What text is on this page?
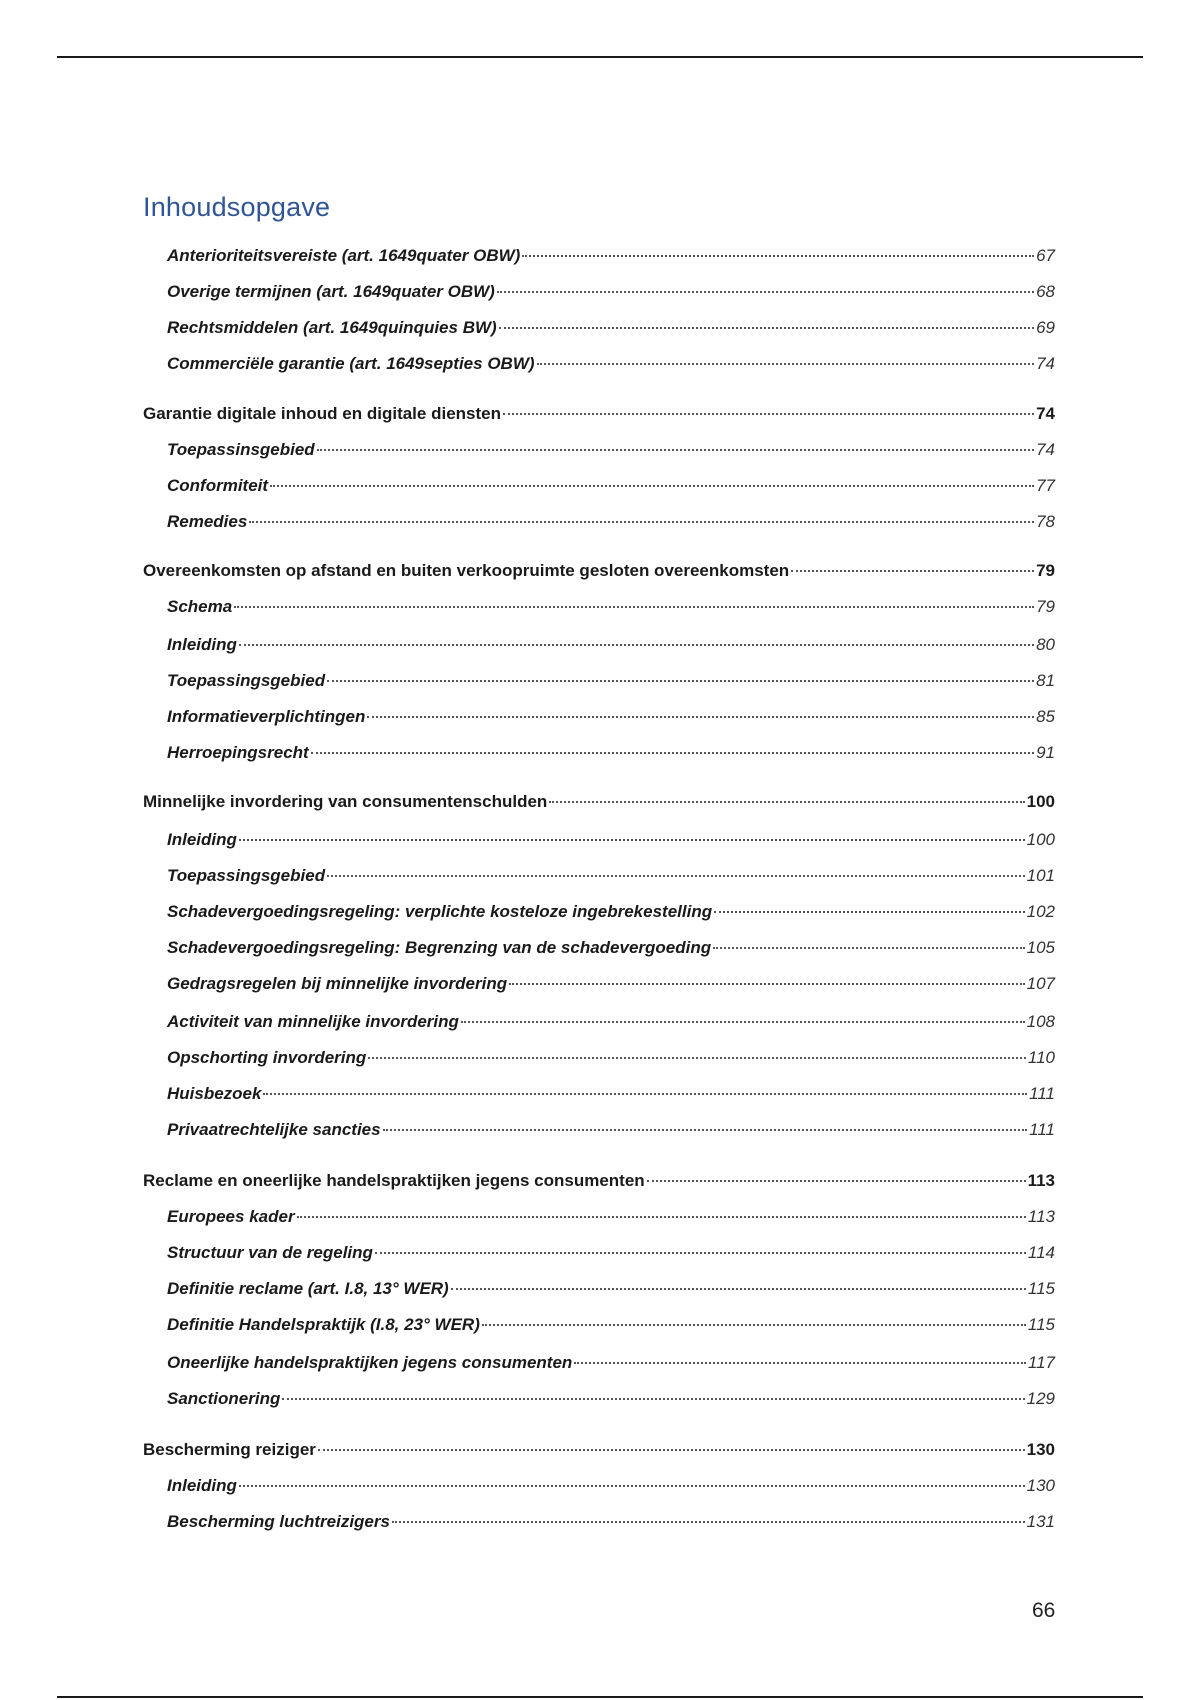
Inhoudsopgave
Anterioriteitsvereiste (art. 1649quater OBW)	67
Overige termijnen (art. 1649quater OBW)	68
Rechtsmiddelen (art. 1649quinquies BW)	69
Commerciële garantie (art. 1649septies OBW)	74
Garantie digitale inhoud en digitale diensten	74
Toepassinsgebied	74
Conformiteit	77
Remedies	78
Overeenkomsten op afstand en buiten verkoopruimte gesloten overeenkomsten	79
Schema	79
Inleiding	80
Toepassingsgebied	81
Informatieverplichtingen	85
Herroepingsrecht	91
Minnelijke invordering van consumentenschulden	100
Inleiding	100
Toepassingsgebied	101
Schadevergoedingsregeling: verplichte kosteloze ingebrekestelling	102
Schadevergoedingsregeling: Begrenzing van de schadevergoeding	105
Gedragsregelen bij minnelijke invordering	107
Activiteit van minnelijke invordering	108
Opschorting invordering	110
Huisbezoek	111
Privaatrechtelijke sancties	111
Reclame en oneerlijke handelspraktijken jegens consumenten	113
Europees kader	113
Structuur van de regeling	114
Definitie reclame (art. I.8, 13° WER)	115
Definitie Handelspraktijk (I.8, 23° WER)	115
Oneerlijke handelspraktijken jegens consumenten	117
Sanctionering	129
Bescherming reiziger	130
Inleiding	130
Bescherming luchtreizigers	131
66
